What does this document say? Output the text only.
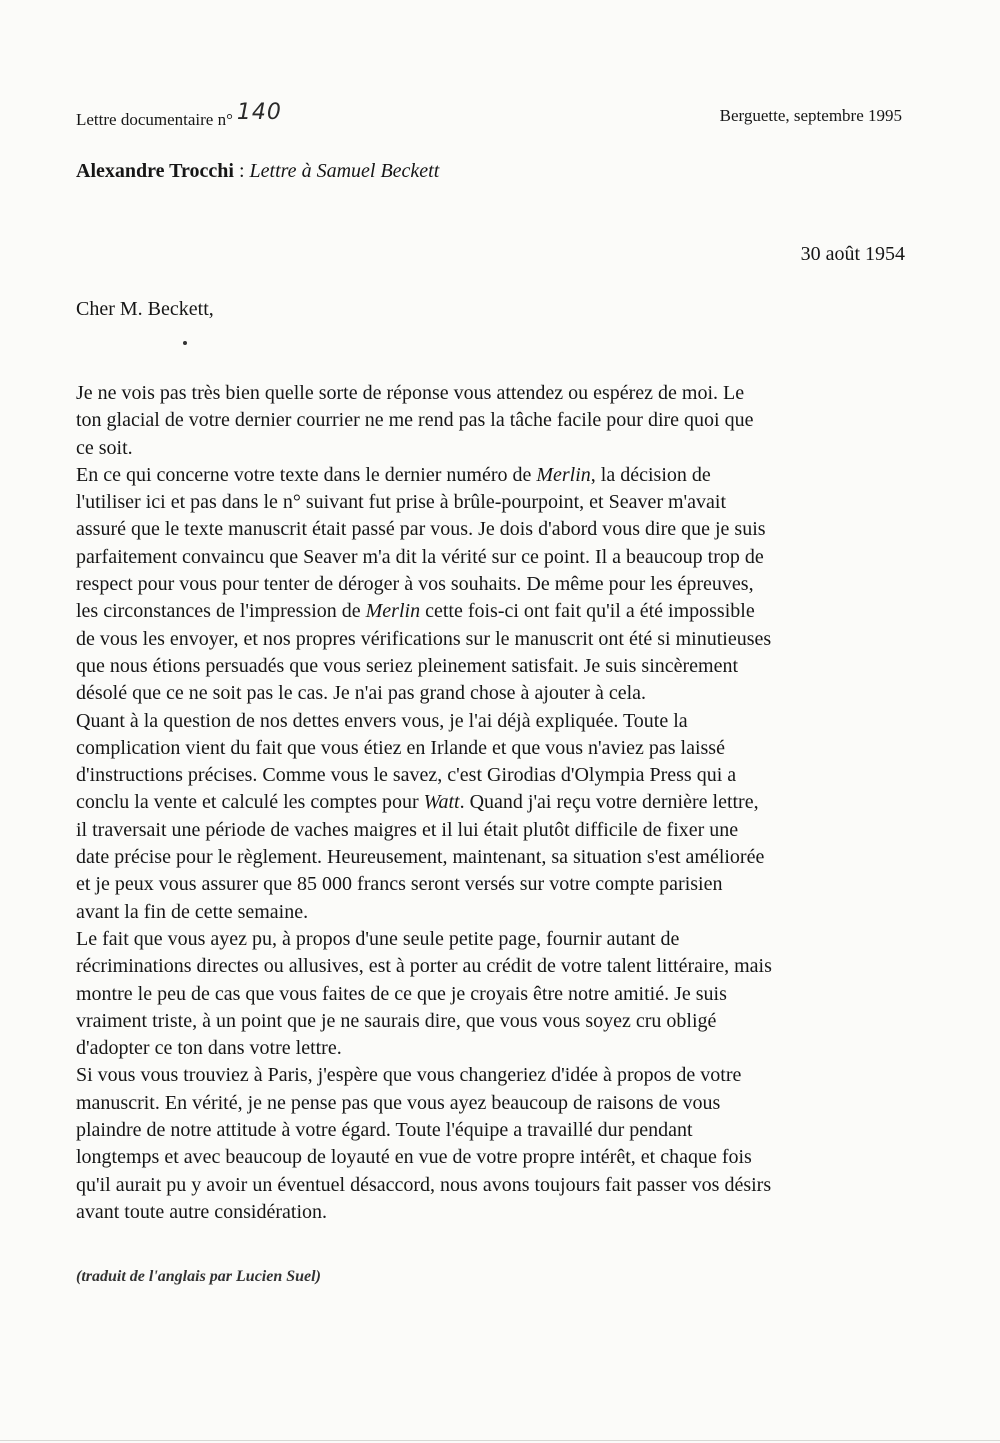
Lettre documentaire n° 140	Berguette, septembre 1995
Alexandre Trocchi : Lettre à Samuel Beckett
30 août 1954
Cher M. Beckett,
Je ne vois pas très bien quelle sorte de réponse vous attendez ou espérez de moi. Le
ton glacial de votre dernier courrier ne me rend pas la tâche facile pour dire quoi que
ce soit.
En ce qui concerne votre texte dans le dernier numéro de Merlin, la décision de
l'utiliser ici et pas dans le n° suivant fut prise à brûle-pourpoint, et Seaver m'avait
assuré que le texte manuscrit était passé par vous. Je dois d'abord vous dire que je suis
parfaitement convaincu que Seaver m'a dit la vérité sur ce point. Il a beaucoup trop de
respect pour vous pour tenter de déroger à vos souhaits. De même pour les épreuves,
les circonstances de l'impression de Merlin cette fois-ci ont fait qu'il a été impossible
de vous les envoyer, et nos propres vérifications sur le manuscrit ont été si minutieuses
que nous étions persuadés que vous seriez pleinement satisfait. Je suis sincèrement
désolé que ce ne soit pas le cas. Je n'ai pas grand chose à ajouter à cela.
Quant à la question de nos dettes envers vous, je l'ai déjà expliquée. Toute la
complication vient du fait que vous étiez en Irlande et que vous n'aviez pas laissé
d'instructions précises. Comme vous le savez, c'est Girodias d'Olympia Press qui a
conclu la vente et calculé les comptes pour Watt. Quand j'ai reçu votre dernière lettre,
il traversait une période de vaches maigres et il lui était plutôt difficile de fixer une
date précise pour le règlement. Heureusement, maintenant, sa situation s'est améliorée
et je peux vous assurer que 85 000 francs seront versés sur votre compte parisien
avant la fin de cette semaine.
Le fait que vous ayez pu, à propos d'une seule petite page, fournir autant de
récriminations directes ou allusives, est à porter au crédit de votre talent littéraire, mais
montre le peu de cas que vous faites de ce que je croyais être notre amitié. Je suis
vraiment triste, à un point que je ne saurais dire, que vous vous soyez cru obligé
d'adopter ce ton dans votre lettre.
Si vous vous trouviez à Paris, j'espère que vous changeriez d'idée à propos de votre
manuscrit. En vérité, je ne pense pas que vous ayez beaucoup de raisons de vous
plaindre de notre attitude à votre égard. Toute l'équipe a travaillé dur pendant
longtemps et avec beaucoup de loyauté en vue de votre propre intérêt, et chaque fois
qu'il aurait pu y avoir un éventuel désaccord, nous avons toujours fait passer vos désirs
avant toute autre considération.
(traduit de l'anglais par Lucien Suel)
